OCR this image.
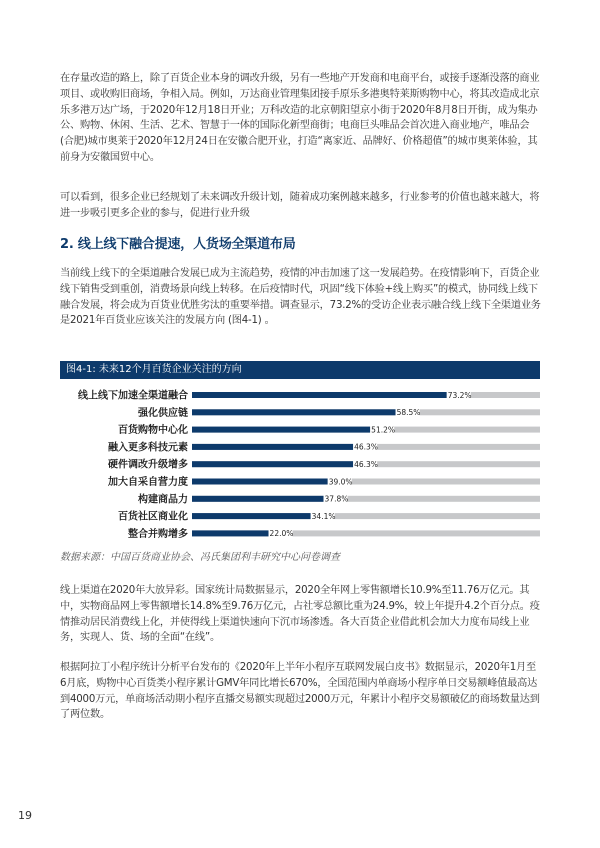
在存量改造的路上，除了百货企业本身的调改升级，另有一些地产开发商和电商平台，或接手逐渐没落的商业项目、或收购旧商场，争相入局。例如，万达商业管理集团接手原乐多港奥特莱斯购物中心，将其改造成北京乐多港万达广场，于2020年12月18日开业；万科改造的北京朝阳望京小街于2020年8月8日开街，成为集办公、购物、休闲、生活、艺术、智慧于一体的国际化新型商街；电商巨头唯品会首次进入商业地产，唯品会(合肥)城市奥莱于2020年12月24日在安徽合肥开业，打造“离家近、品牌好、价格超值”的城市奥莱体验，其前身为安徽国贸中心。

可以看到，很多企业已经规划了未来调改升级计划，随着成功案例越来越多，行业参考的价值也越来越大，将进一步吸引更多企业的参与，促进行业升级

2. 线上线下融合提速，人货场全渠道布局

当前线上线下的全渠道融合发展已成为主流趋势，疫情的冲击加速了这一发展趋势。在疫情影响下，百货企业线下销售受到重创，消费场景向线上转移。在后疫情时代，巩固“线下体验+线上购买”的模式，协同线上线下融合发展，将会成为百货业优胜劣汰的重要举措。调查显示，73.2%的受访企业表示融合线上线下全渠道业务是2021年百货业应该关注的发展方向 (图4-1) 。

图4-1: 未来12个月百货企业关注的方向
线上线下加速全渠道融合	73.2%
强化供应链	58.5%
百货购物中心化	51.2%
融入更多科技元素	46.3%
硬件调改升级增多	46.3%
加大自采自营力度	39.0%
构建商品力	37.8%
百货社区商业化	34.1%
整合并购增多	22.0%

数据来源：中国百货商业协会、冯氏集团利丰研究中心问卷调查

线上渠道在2020年大放异彩。国家统计局数据显示，2020全年网上零售额增长10.9%至11.76万亿元。其中，实物商品网上零售额增长14.8%至9.76万亿元，占社零总额比重为24.9%，较上年提升4.2个百分点。疫情推动居民消费线上化，并使得线上渠道快速向下沉市场渗透。各大百货企业借此机会加大力度布局线上业务，实现人、货、场的全面“在线”。

根据阿拉丁小程序统计分析平台发布的《2020年上半年小程序互联网发展白皮书》数据显示，2020年1月至6月底，购物中心百货类小程序累计GMV年同比增长670%，全国范围内单商场小程序单日交易额峰值最高达到4000万元，单商场活动期小程序直播交易额实现超过2000万元，年累计小程序交易额破亿的商场数量达到了两位数。

19
